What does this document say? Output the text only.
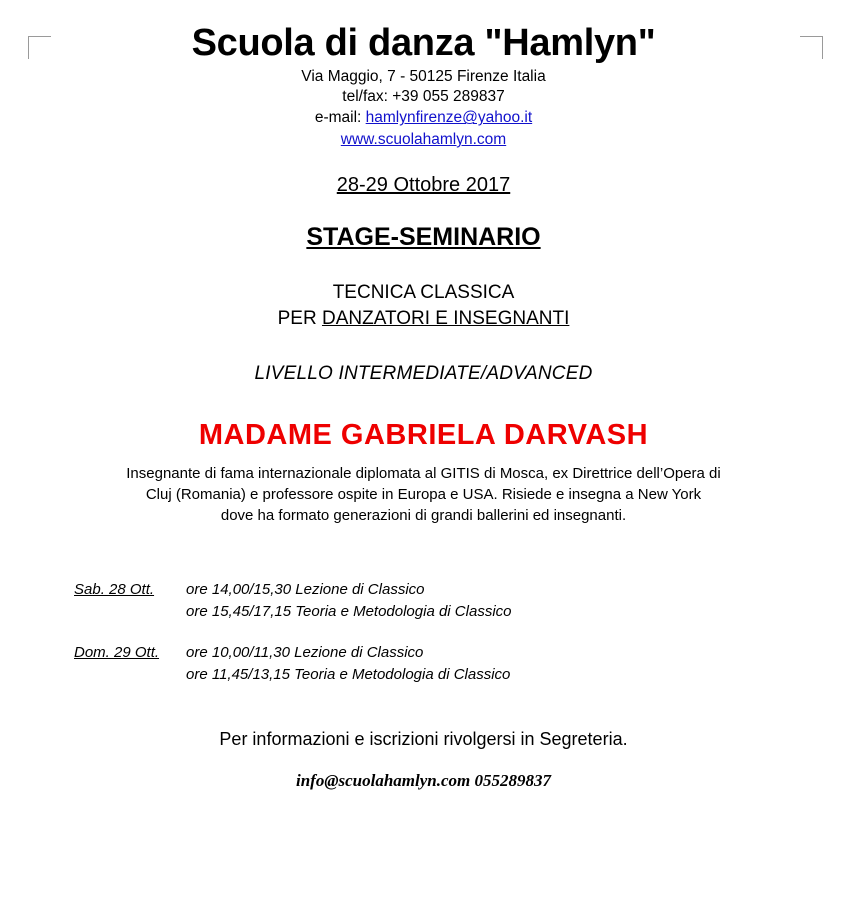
Scuola di danza "Hamlyn"
Via Maggio, 7 - 50125 Firenze Italia
tel/fax: +39 055 289837
e-mail: hamlynfirenze@yahoo.it
www.scuolahamlyn.com
28-29 Ottobre 2017
STAGE-SEMINARIO
TECNICA CLASSICA
PER DANZATORI E INSEGNANTI
LIVELLO INTERMEDIATE/ADVANCED
MADAME GABRIELA DARVASH
Insegnante di fama internazionale diplomata al GITIS di Mosca, ex Direttrice dell’Opera di
Cluj (Romania) e professore ospite in Europa e USA. Risiede e insegna a New York
dove ha formato generazioni di grandi ballerini ed insegnanti.
Sab. 28 Ott.	ore 14,00/15,30 Lezione di Classico
ore 15,45/17,15 Teoria e Metodologia di Classico
Dom. 29 Ott.	ore 10,00/11,30 Lezione di Classico
ore 11,45/13,15 Teoria e Metodologia di Classico
Per informazioni e iscrizioni rivolgersi in Segreteria.
info@scuolahamlyn.com 055289837
